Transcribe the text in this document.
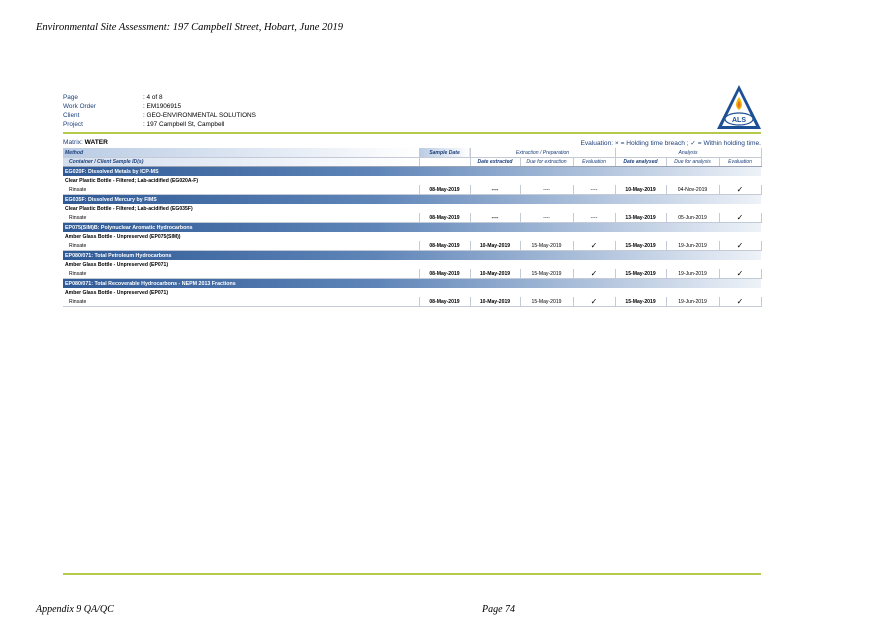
Environmental Site Assessment: 197 Campbell Street, Hobart, June 2019
Page	: 4 of 8
Work Order	: EM1906915
Client	: GEO-ENVIRONMENTAL SOLUTIONS
Project	: 197 Campbell St, Campbell
ALS
Matrix: WATER	Evaluation: × = Holding time breach ; ✓ = Within holding time.
Method	Sample Date	Extraction / Preparation			Analysis		
Container / Client Sample ID(s)		Date extracted	Due for extraction	Evaluation	Date analysed	Due for analysis	Evaluation
EG020F: Dissolved Metals by ICP-MS							
Clear Plastic Bottle - Filtered; Lab-acidified (EG020A-F)							
Rinsate	08-May-2019	----	----	----	10-May-2019	04-Nov-2019	✓
EG035F: Dissolved Mercury by FIMS							
Clear Plastic Bottle - Filtered; Lab-acidified (EG035F)							
Rinsate	08-May-2019	----	----	----	13-May-2019	05-Jun-2019	✓
EP075(SIM)B: Polynuclear Aromatic Hydrocarbons							
Amber Glass Bottle - Unpreserved (EP075(SIM))							
Rinsate	08-May-2019	10-May-2019	15-May-2019	✓	15-May-2019	19-Jun-2019	✓
EP080/071: Total Petroleum Hydrocarbons							
Amber Glass Bottle - Unpreserved (EP071)							
Rinsate	08-May-2019	10-May-2019	15-May-2019	✓	15-May-2019	19-Jun-2019	✓
EP080/071: Total Recoverable Hydrocarbons - NEPM 2013 Fractions							
Amber Glass Bottle - Unpreserved (EP071)							
Rinsate	08-May-2019	10-May-2019	15-May-2019	✓	15-May-2019	19-Jun-2019	✓
Appendix 9 QA/QC	Page 74
